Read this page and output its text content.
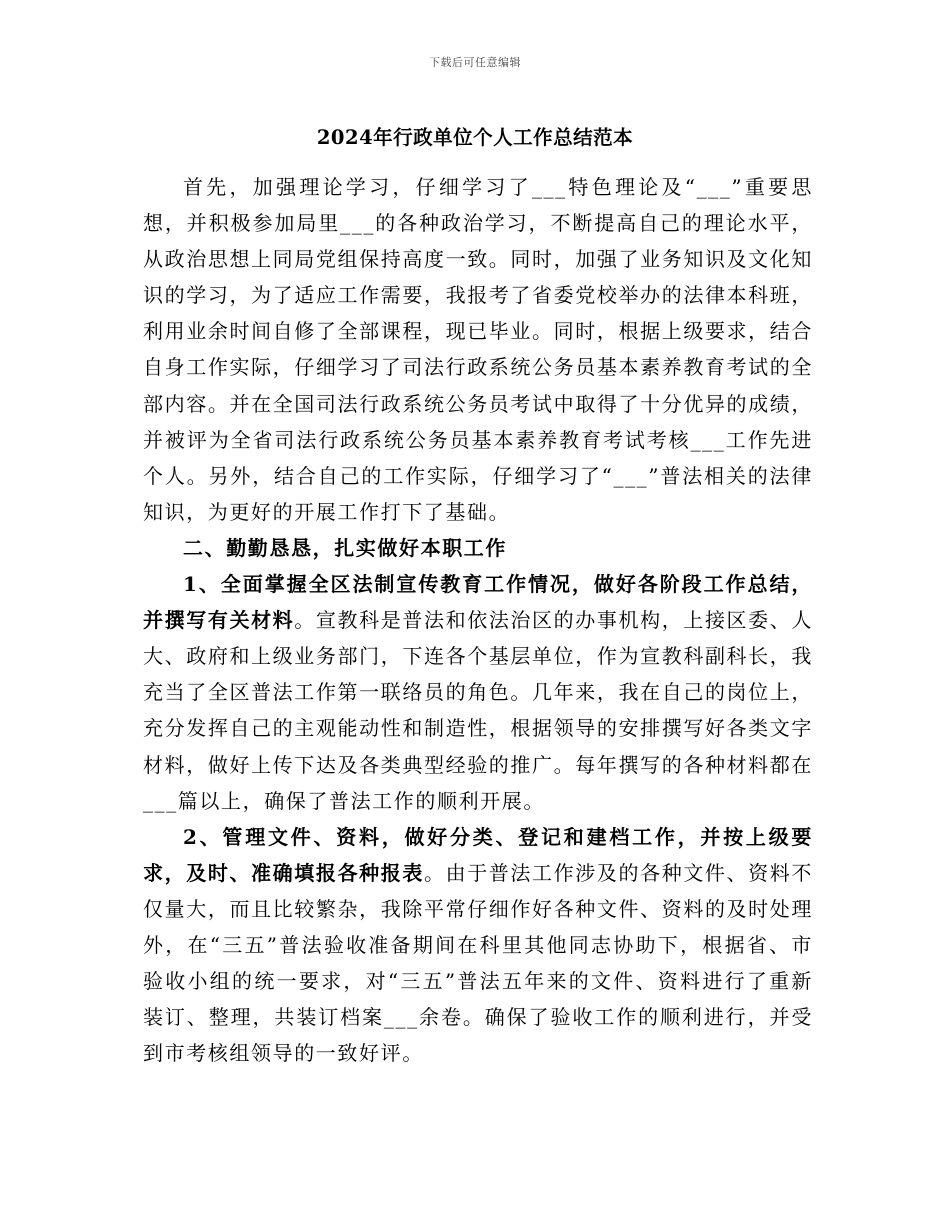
下载后可任意编辑
2024年行政单位个人工作总结范本

首先，加强理论学习，仔细学习了___特色理论及“___”重要思想，并积极参加局里___的各种政治学习，不断提高自己的理论水平，从政治思想上同局党组保持高度一致。同时，加强了业务知识及文化知识的学习，为了适应工作需要，我报考了省委党校举办的法律本科班，利用业余时间自修了全部课程，现已毕业。同时，根据上级要求，结合自身工作实际，仔细学习了司法行政系统公务员基本素养教育考试的全部内容。并在全国司法行政系统公务员考试中取得了十分优异的成绩，并被评为全省司法行政系统公务员基本素养教育考试考核___工作先进个人。另外，结合自己的工作实际，仔细学习了“___”普法相关的法律知识，为更好的开展工作打下了基础。

二、勤勤恳恳，扎实做好本职工作

1、全面掌握全区法制宣传教育工作情况，做好各阶段工作总结，并撰写有关材料。宣教科是普法和依法治区的办事机构，上接区委、人大、政府和上级业务部门，下连各个基层单位，作为宣教科副科长，我充当了全区普法工作第一联络员的角色。几年来，我在自己的岗位上，充分发挥自己的主观能动性和制造性，根据领导的安排撰写好各类文字材料，做好上传下达及各类典型经验的推广。每年撰写的各种材料都在___篇以上，确保了普法工作的顺利开展。

2、管理文件、资料，做好分类、登记和建档工作，并按上级要求，及时、准确填报各种报表。由于普法工作涉及的各种文件、资料不仅量大，而且比较繁杂，我除平常仔细作好各种文件、资料的及时处理外，在“三五”普法验收准备期间在科里其他同志协助下，根据省、市验收小组的统一要求，对“三五”普法五年来的文件、资料进行了重新装订、整理，共装订档案___余卷。确保了验收工作的顺利进行，并受到市考核组领导的一致好评。
